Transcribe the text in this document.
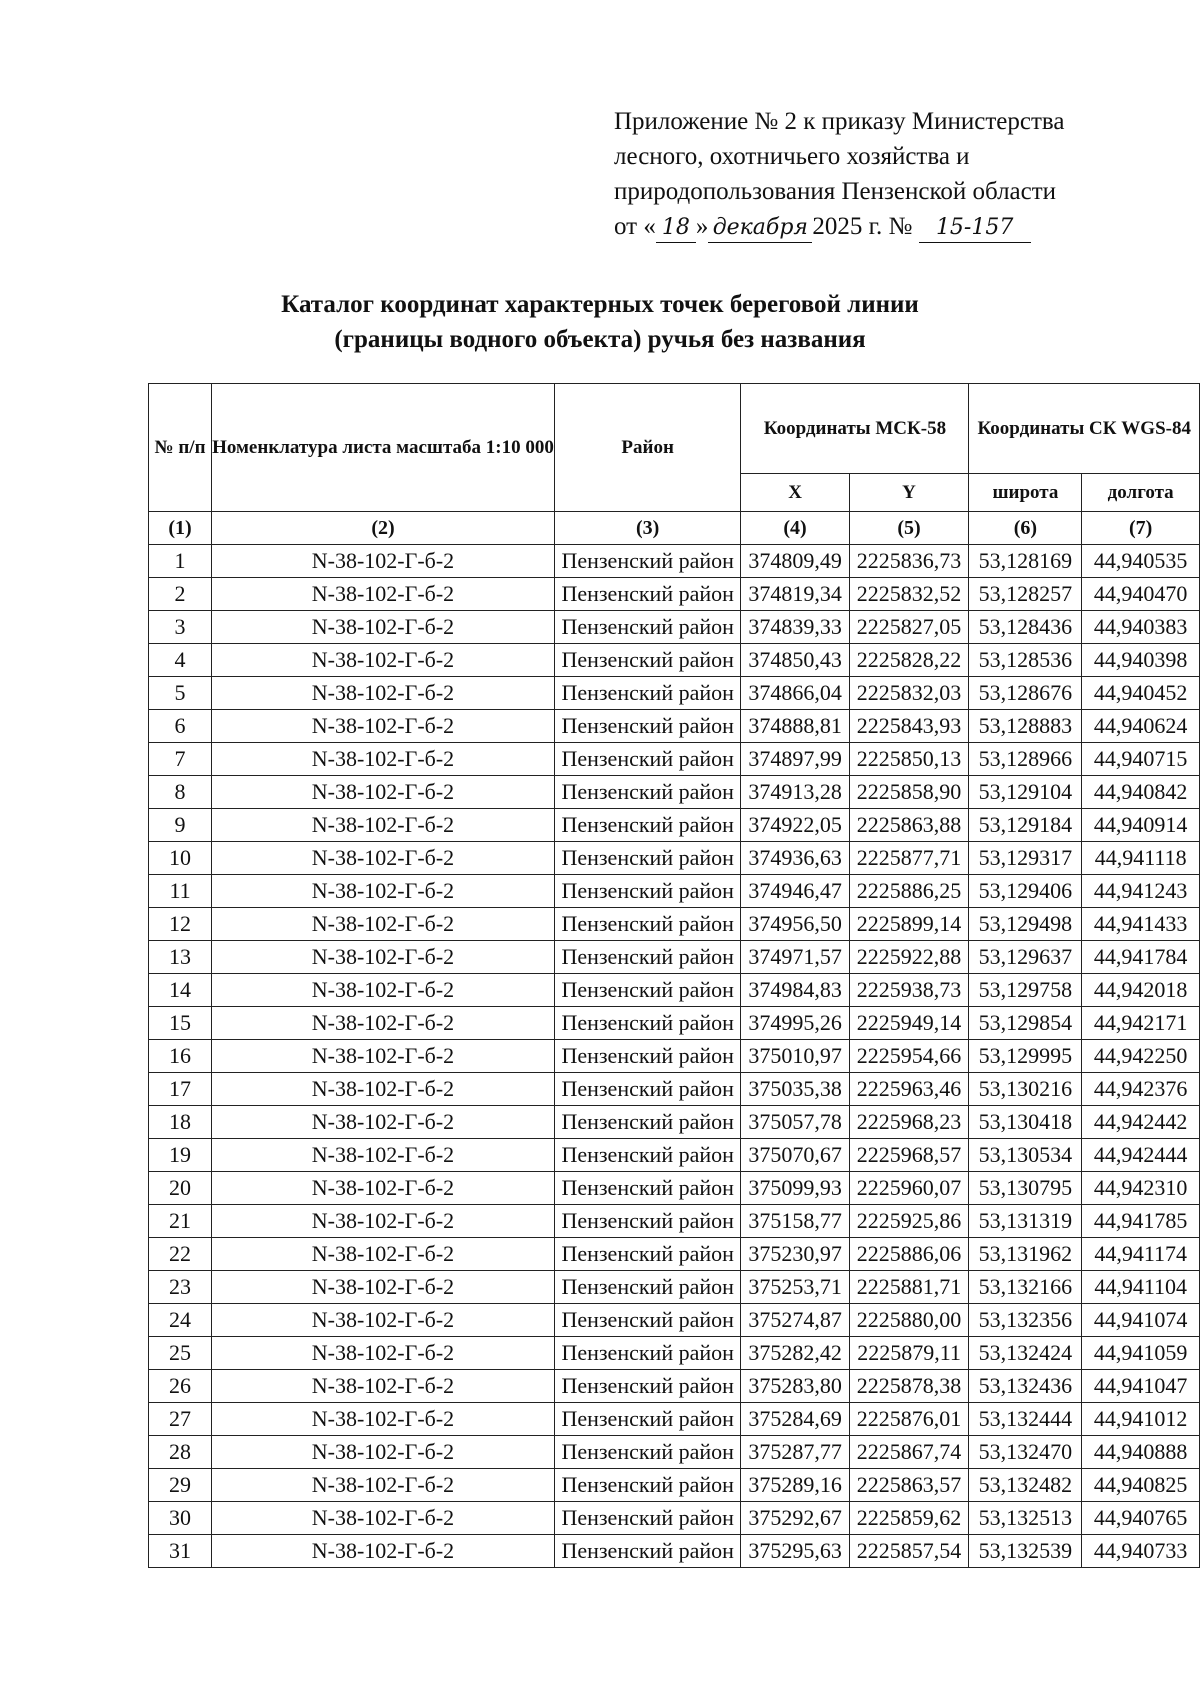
Приложение № 2 к приказу Министерства
лесного, охотничьего хозяйства и
природопользования Пензенской области
от « 18 » декабря 2025 г. № 15-157
Каталог координат характерных точек береговой линии
(границы водного объекта) ручья без названия
№ п/п	Номенклатура листа масштаба 1:10 000	Район	Координаты МСК-58		Координаты СК WGS-84	
			X	Y	широта	долгота
(1)	(2)	(3)	(4)	(5)	(6)	(7)
1	N-38-102-Г-б-2	Пензенский район	374809,49	2225836,73	53,128169	44,940535
2	N-38-102-Г-б-2	Пензенский район	374819,34	2225832,52	53,128257	44,940470
3	N-38-102-Г-б-2	Пензенский район	374839,33	2225827,05	53,128436	44,940383
4	N-38-102-Г-б-2	Пензенский район	374850,43	2225828,22	53,128536	44,940398
5	N-38-102-Г-б-2	Пензенский район	374866,04	2225832,03	53,128676	44,940452
6	N-38-102-Г-б-2	Пензенский район	374888,81	2225843,93	53,128883	44,940624
7	N-38-102-Г-б-2	Пензенский район	374897,99	2225850,13	53,128966	44,940715
8	N-38-102-Г-б-2	Пензенский район	374913,28	2225858,90	53,129104	44,940842
9	N-38-102-Г-б-2	Пензенский район	374922,05	2225863,88	53,129184	44,940914
10	N-38-102-Г-б-2	Пензенский район	374936,63	2225877,71	53,129317	44,941118
11	N-38-102-Г-б-2	Пензенский район	374946,47	2225886,25	53,129406	44,941243
12	N-38-102-Г-б-2	Пензенский район	374956,50	2225899,14	53,129498	44,941433
13	N-38-102-Г-б-2	Пензенский район	374971,57	2225922,88	53,129637	44,941784
14	N-38-102-Г-б-2	Пензенский район	374984,83	2225938,73	53,129758	44,942018
15	N-38-102-Г-б-2	Пензенский район	374995,26	2225949,14	53,129854	44,942171
16	N-38-102-Г-б-2	Пензенский район	375010,97	2225954,66	53,129995	44,942250
17	N-38-102-Г-б-2	Пензенский район	375035,38	2225963,46	53,130216	44,942376
18	N-38-102-Г-б-2	Пензенский район	375057,78	2225968,23	53,130418	44,942442
19	N-38-102-Г-б-2	Пензенский район	375070,67	2225968,57	53,130534	44,942444
20	N-38-102-Г-б-2	Пензенский район	375099,93	2225960,07	53,130795	44,942310
21	N-38-102-Г-б-2	Пензенский район	375158,77	2225925,86	53,131319	44,941785
22	N-38-102-Г-б-2	Пензенский район	375230,97	2225886,06	53,131962	44,941174
23	N-38-102-Г-б-2	Пензенский район	375253,71	2225881,71	53,132166	44,941104
24	N-38-102-Г-б-2	Пензенский район	375274,87	2225880,00	53,132356	44,941074
25	N-38-102-Г-б-2	Пензенский район	375282,42	2225879,11	53,132424	44,941059
26	N-38-102-Г-б-2	Пензенский район	375283,80	2225878,38	53,132436	44,941047
27	N-38-102-Г-б-2	Пензенский район	375284,69	2225876,01	53,132444	44,941012
28	N-38-102-Г-б-2	Пензенский район	375287,77	2225867,74	53,132470	44,940888
29	N-38-102-Г-б-2	Пензенский район	375289,16	2225863,57	53,132482	44,940825
30	N-38-102-Г-б-2	Пензенский район	375292,67	2225859,62	53,132513	44,940765
31	N-38-102-Г-б-2	Пензенский район	375295,63	2225857,54	53,132539	44,940733
